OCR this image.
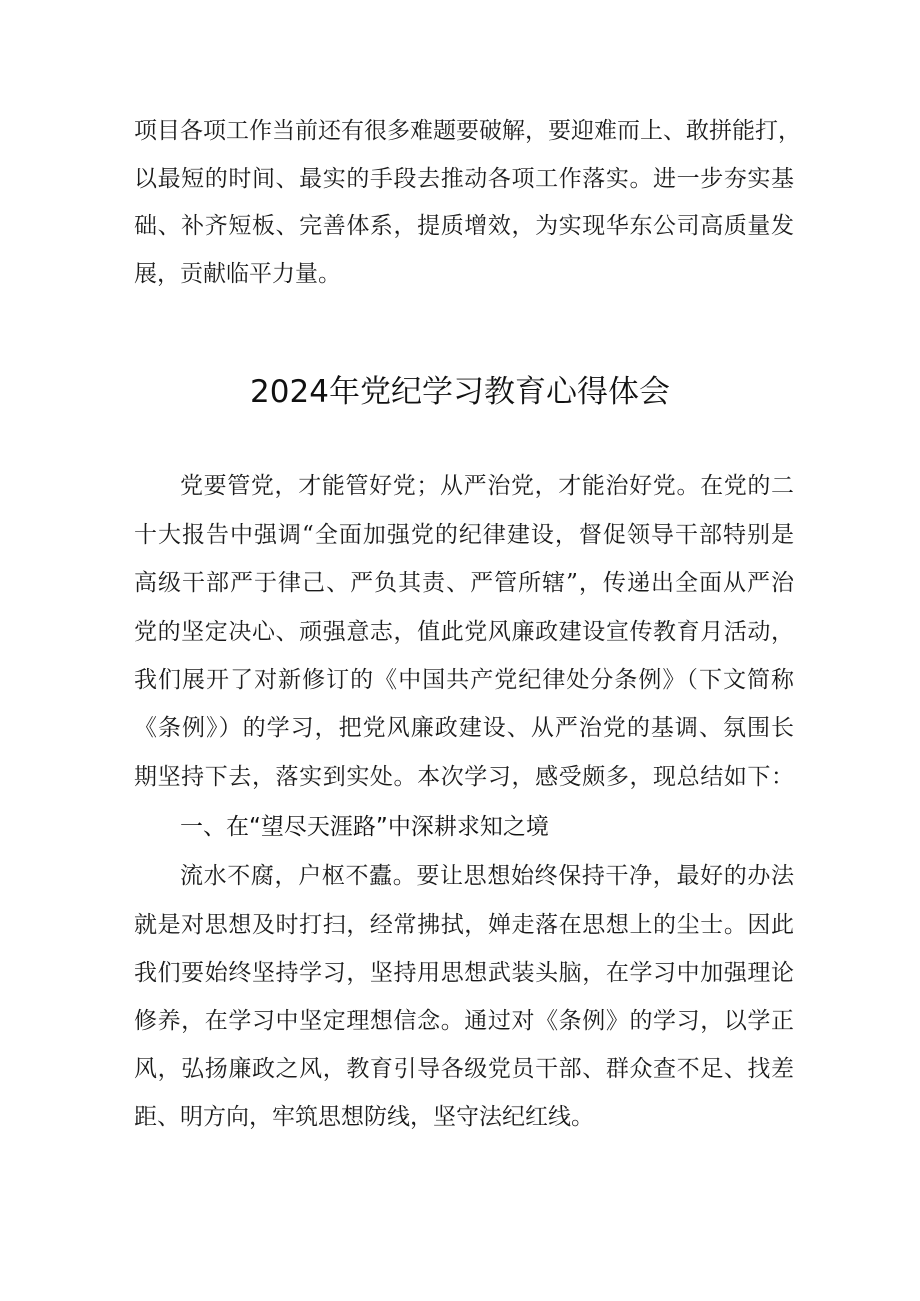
项目各项工作当前还有很多难题要破解，要迎难而上、敢拼能打，
以最短的时间、最实的手段去推动各项工作落实。进一步夯实基
础、补齐短板、完善体系，提质增效，为实现华东公司高质量发
展，贡献临平力量。
2024年党纪学习教育心得体会
党要管党，才能管好党；从严治党，才能治好党。在党的二
十大报告中强调“全面加强党的纪律建设，督促领导干部特别是
高级干部严于律己、严负其责、严管所辖”，传递出全面从严治
党的坚定决心、顽强意志，值此党风廉政建设宣传教育月活动，
我们展开了对新修订的《中国共产党纪律处分条例》（下文简称
《条例》）的学习，把党风廉政建设、从严治党的基调、氛围长
期坚持下去，落实到实处。本次学习，感受颇多，现总结如下：
一、在“望尽天涯路”中深耕求知之境
流水不腐，户枢不蠹。要让思想始终保持干净，最好的办法
就是对思想及时打扫，经常拂拭，婵走落在思想上的尘士。因此
我们要始终坚持学习，坚持用思想武装头脑，在学习中加强理论
修养，在学习中坚定理想信念。通过对《条例》的学习，以学正
风，弘扬廉政之风，教育引导各级党员干部、群众查不足、找差
距、明方向，牢筑思想防线，坚守法纪红线。
